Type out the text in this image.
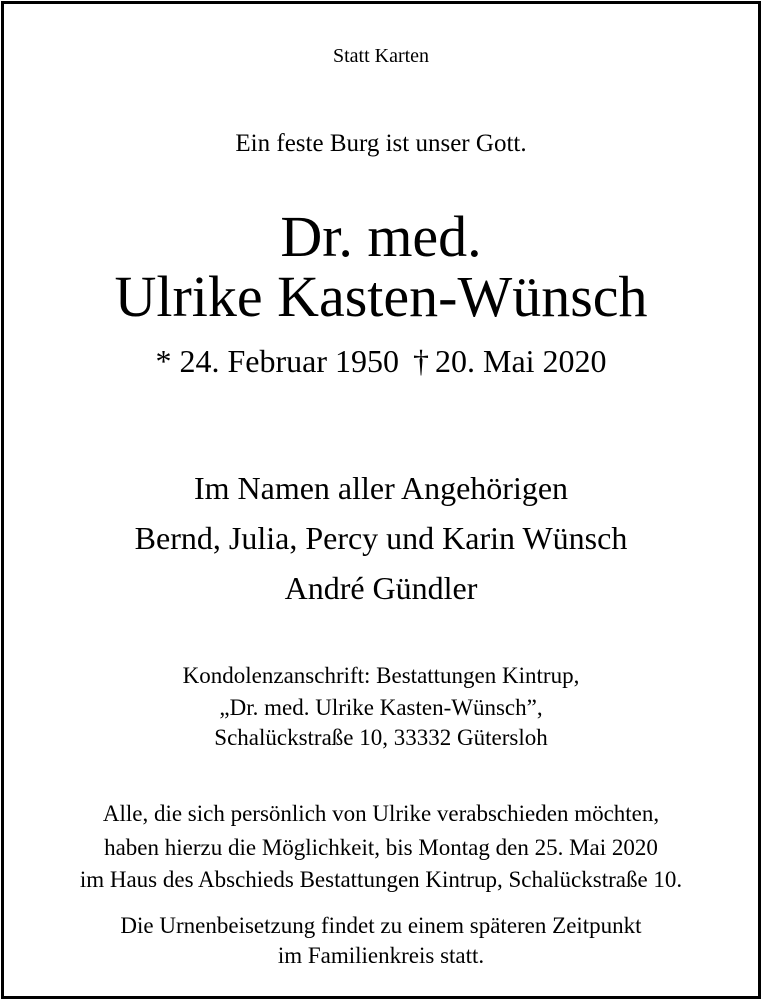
Statt Karten
Ein feste Burg ist unser Gott.
Dr. med.
Ulrike Kasten-Wünsch
* 24. Februar 1950 † 20. Mai 2020
Im Namen aller Angehörigen
Bernd, Julia, Percy und Karin Wünsch
André Gündler
Kondolenzanschrift: Bestattungen Kintrup,
„Dr. med. Ulrike Kasten-Wünsch”,
Schalückstraße 10, 33332 Gütersloh
Alle, die sich persönlich von Ulrike verabschieden möchten,
haben hierzu die Möglichkeit, bis Montag den 25. Mai 2020
im Haus des Abschieds Bestattungen Kintrup, Schalückstraße 10.
Die Urnenbeisetzung findet zu einem späteren Zeitpunkt
im Familienkreis statt.
